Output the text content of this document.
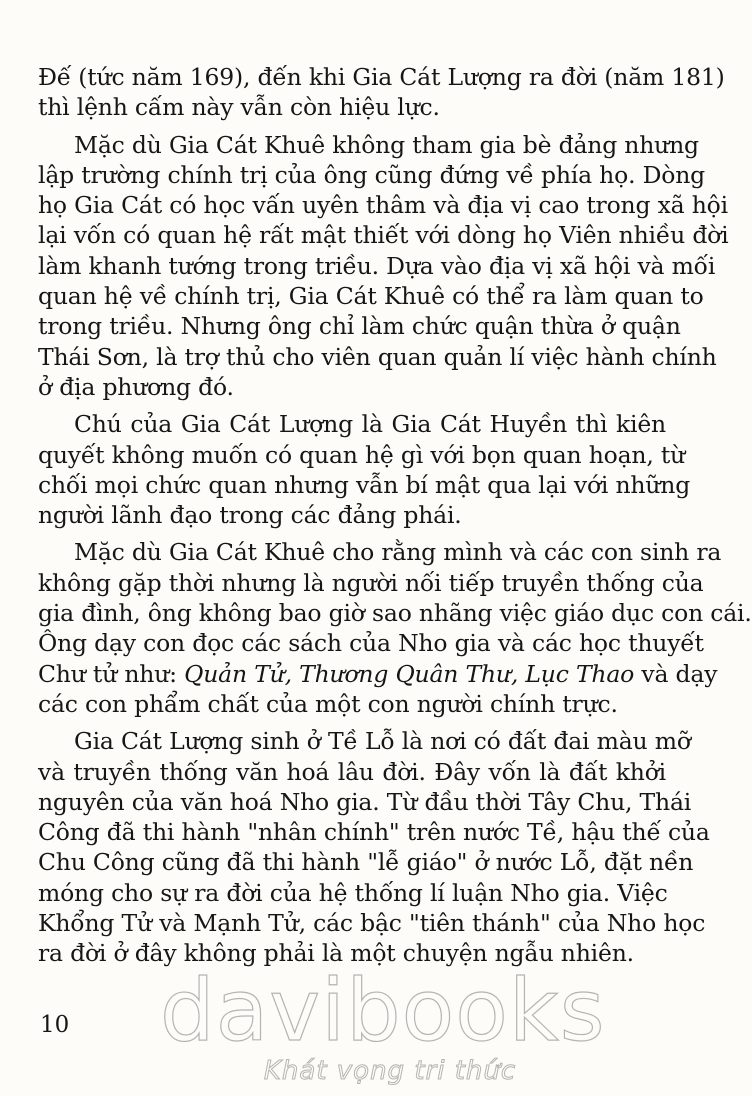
Đế (tức năm 169), đến khi Gia Cát Lượng ra đời (năm 181)
thì lệnh cấm này vẫn còn hiệu lực.
Mặc dù Gia Cát Khuê không tham gia bè đảng nhưng
lập trường chính trị của ông cũng đứng về phía họ. Dòng
họ Gia Cát có học vấn uyên thâm và địa vị cao trong xã hội
lại vốn có quan hệ rất mật thiết với dòng họ Viên nhiều đời
làm khanh tướng trong triều. Dựa vào địa vị xã hội và mối
quan hệ về chính trị, Gia Cát Khuê có thể ra làm quan to
trong triều. Nhưng ông chỉ làm chức quận thừa ở quận
Thái Sơn, là trợ thủ cho viên quan quản lí việc hành chính
ở địa phương đó.
Chú của Gia Cát Lượng là Gia Cát Huyền thì kiên
quyết không muốn có quan hệ gì với bọn quan hoạn, từ
chối mọi chức quan nhưng vẫn bí mật qua lại với những
người lãnh đạo trong các đảng phái.
Mặc dù Gia Cát Khuê cho rằng mình và các con sinh ra
không gặp thời nhưng là người nối tiếp truyền thống của
gia đình, ông không bao giờ sao nhãng việc giáo dục con cái.
Ông dạy con đọc các sách của Nho gia và các học thuyết
Chư tử như: Quản Tử, Thương Quân Thư, Lục Thao và dạy
các con phẩm chất của một con người chính trực.
Gia Cát Lượng sinh ở Tề Lỗ là nơi có đất đai màu mỡ
và truyền thống văn hoá lâu đời. Đây vốn là đất khởi
nguyên của văn hoá Nho gia. Từ đầu thời Tây Chu, Thái
Công đã thi hành "nhân chính" trên nước Tề, hậu thế của
Chu Công cũng đã thi hành "lễ giáo" ở nước Lỗ, đặt nền
móng cho sự ra đời của hệ thống lí luận Nho gia. Việc
Khổng Tử và Mạnh Tử, các bậc "tiên thánh" của Nho học
ra đời ở đây không phải là một chuyện ngẫu nhiên.
10 davibooks
Khát vọng tri thức
